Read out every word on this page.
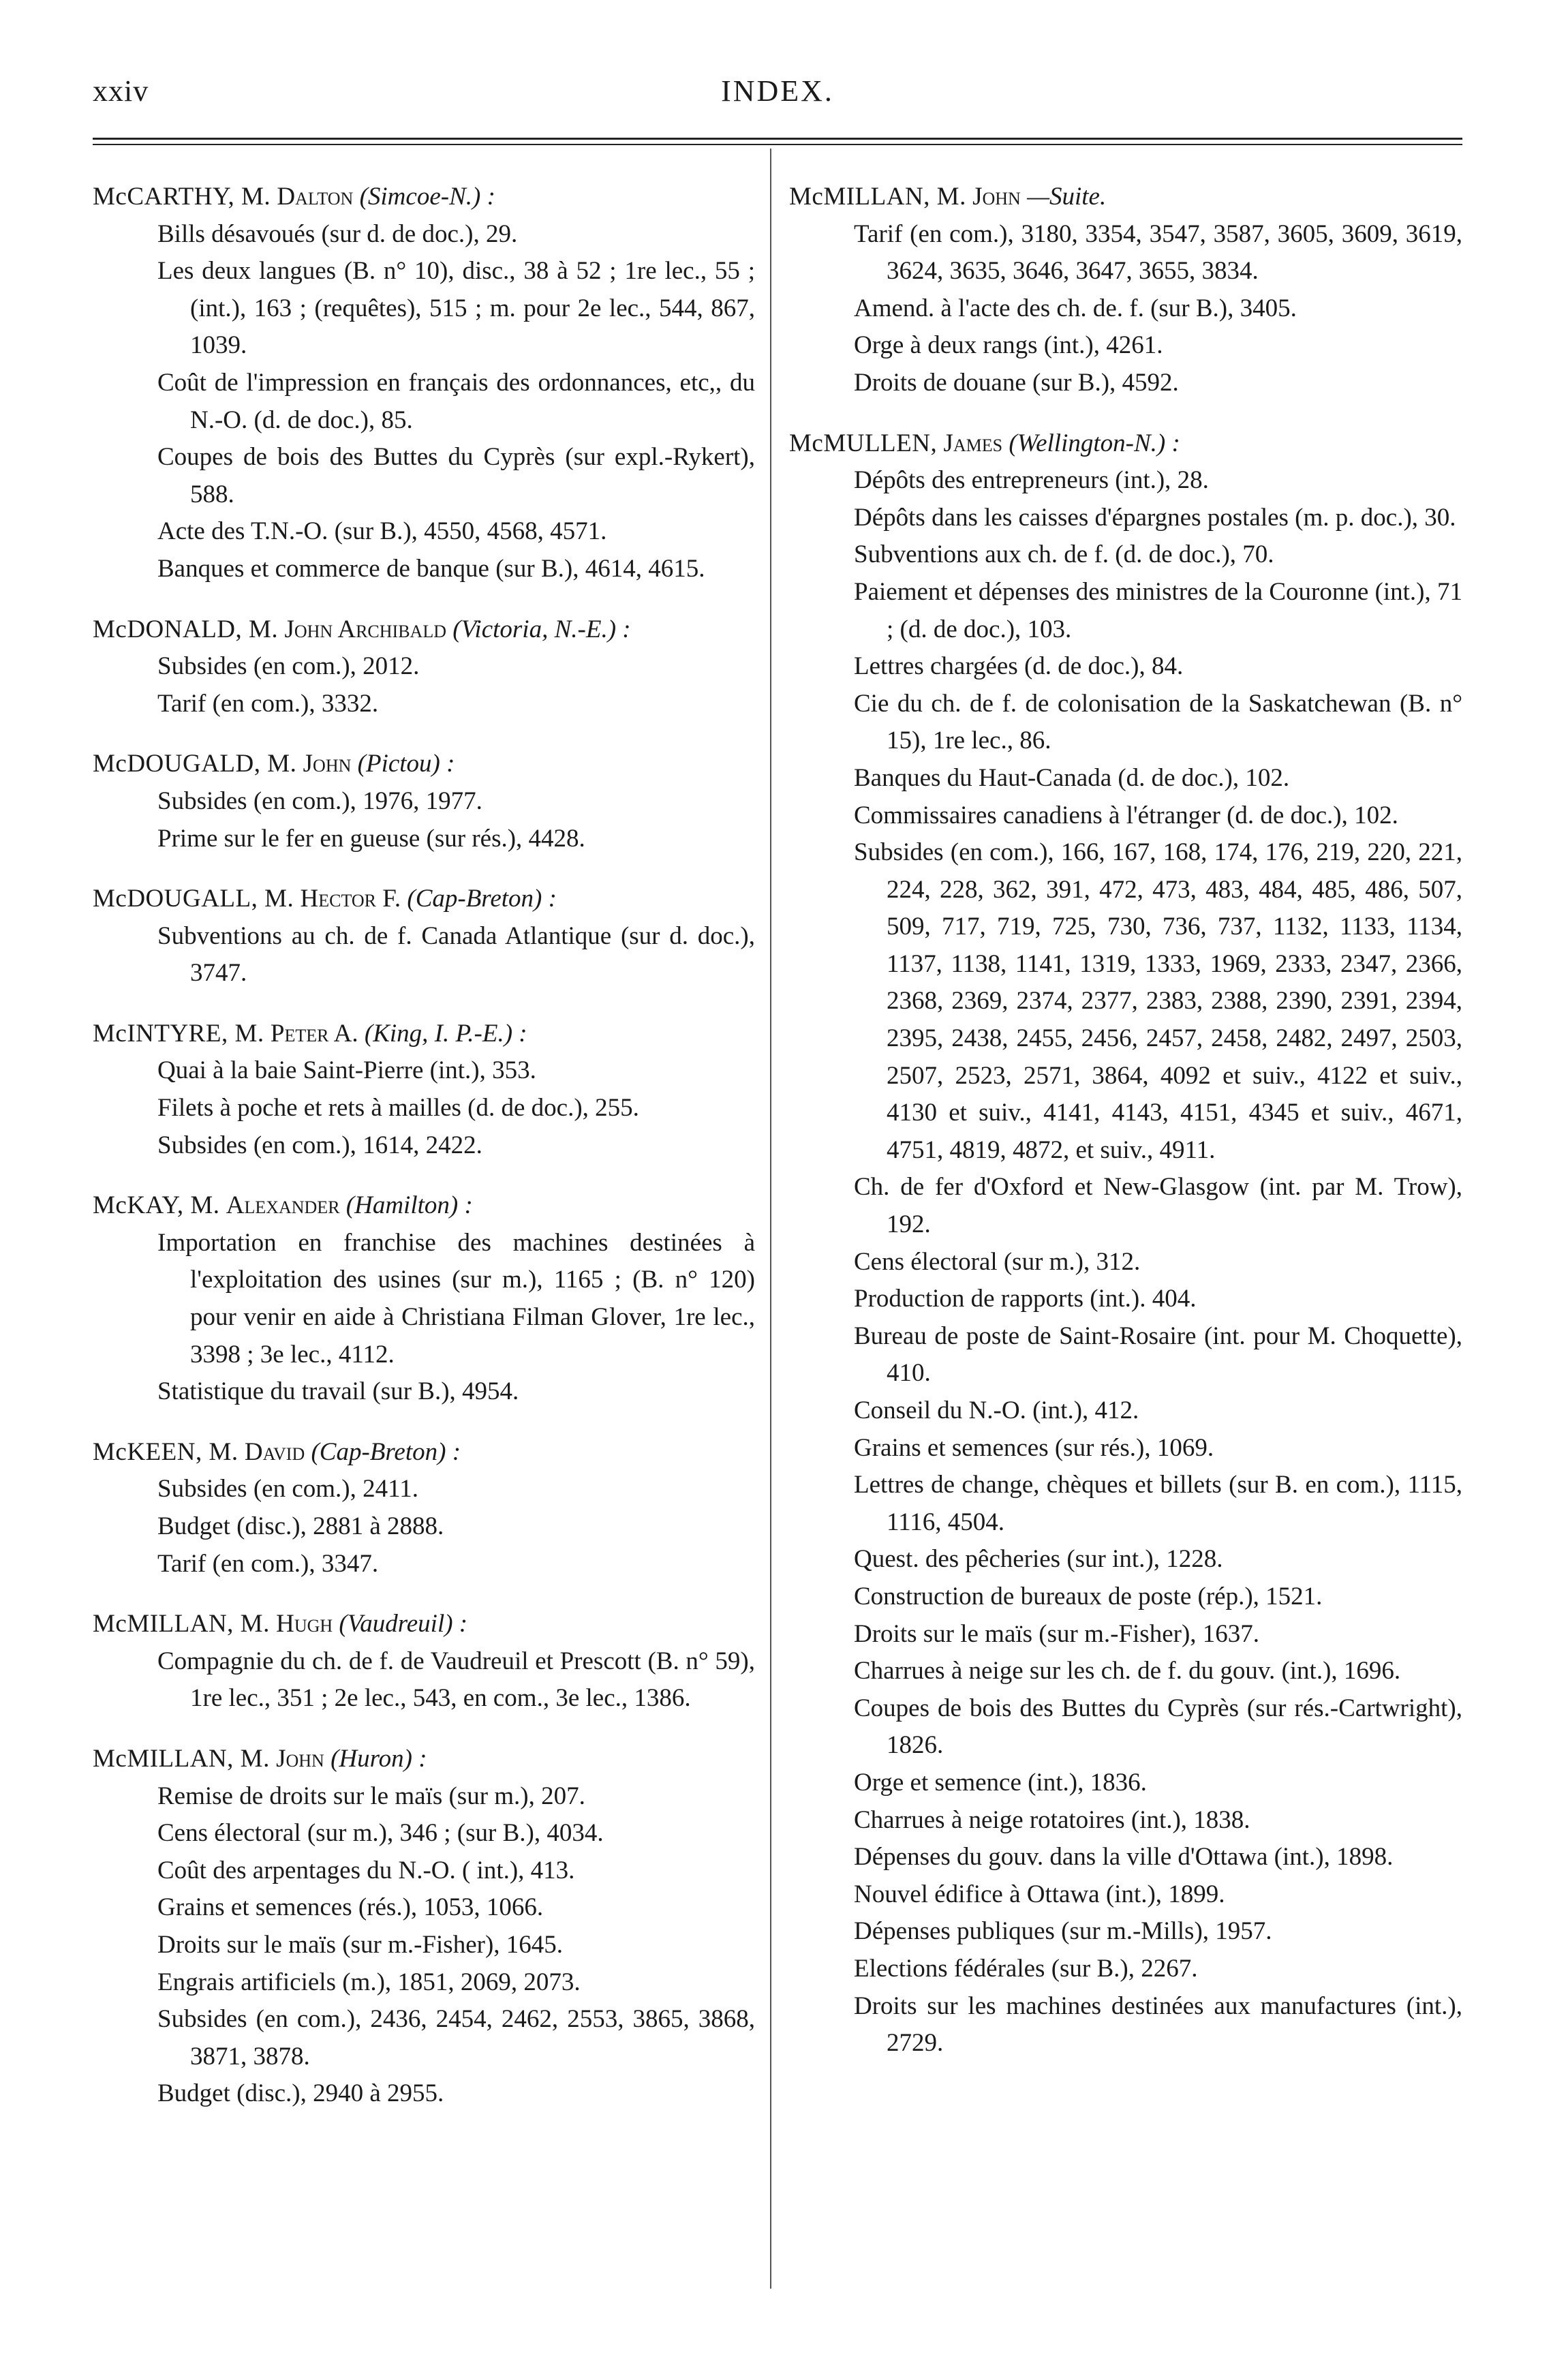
xxiv	INDEX.
McCARTHY, M. Dalton (Simcoe-N.) :
Bills désavoués (sur d. de doc.), 29.
Les deux langues (B. n° 10), disc., 38 à 52 ; 1re lec., 55 ; (int.), 163 ; (requêtes), 515 ; m. pour 2e lec., 544, 867, 1039.
Coût de l'impression en français des ordonnances, etc,, du N.-O. (d. de doc.), 85.
Coupes de bois des Buttes du Cyprès (sur expl.-Rykert), 588.
Acte des T.N.-O. (sur B.), 4550, 4568, 4571.
Banques et commerce de banque (sur B.), 4614, 4615.
McDONALD, M. John Archibald (Victoria, N.-E.) :
Subsides (en com.), 2012.
Tarif (en com.), 3332.
McDOUGALD, M. John (Pictou) :
Subsides (en com.), 1976, 1977.
Prime sur le fer en gueuse (sur rés.), 4428.
McDOUGALL, M. Hector F. (Cap-Breton) :
Subventions au ch. de f. Canada Atlantique (sur d. doc.), 3747.
McINTYRE, M. Peter A. (King, I. P.-E.) :
Quai à la baie Saint-Pierre (int.), 353.
Filets à poche et rets à mailles (d. de doc.), 255.
Subsides (en com.), 1614, 2422.
McKAY, M. Alexander (Hamilton) :
Importation en franchise des machines destinées à l'exploitation des usines (sur m.), 1165 ; (B. n° 120) pour venir en aide à Christiana Filman Glover, 1re lec., 3398 ; 3e lec., 4112.
Statistique du travail (sur B.), 4954.
McKEEN, M. David (Cap-Breton) :
Subsides (en com.), 2411.
Budget (disc.), 2881 à 2888.
Tarif (en com.), 3347.
McMILLAN, M. Hugh (Vaudreuil) :
Compagnie du ch. de f. de Vaudreuil et Prescott (B. n° 59), 1re lec., 351 ; 2e lec., 543, en com., 3e lec., 1386.
McMILLAN, M. John (Huron) :
Remise de droits sur le maïs (sur m.), 207.
Cens électoral (sur m.), 346 ; (sur B.), 4034.
Coût des arpentages du N.-O. ( int.), 413.
Grains et semences (rés.), 1053, 1066.
Droits sur le maïs (sur m.-Fisher), 1645.
Engrais artificiels (m.), 1851, 2069, 2073.
Subsides (en com.), 2436, 2454, 2462, 2553, 3865, 3868, 3871, 3878.
Budget (disc.), 2940 à 2955.
McMILLAN, M. John —Suite.
Tarif (en com.), 3180, 3354, 3547, 3587, 3605, 3609, 3619, 3624, 3635, 3646, 3647, 3655, 3834.
Amend. à l'acte des ch. de. f. (sur B.), 3405.
Orge à deux rangs (int.), 4261.
Droits de douane (sur B.), 4592.
McMULLEN, James (Wellington-N.) :
Dépôts des entrepreneurs (int.), 28.
Dépôts dans les caisses d'épargnes postales (m. p. doc.), 30.
Subventions aux ch. de f. (d. de doc.), 70.
Paiement et dépenses des ministres de la Couronne (int.), 71 ; (d. de doc.), 103.
Lettres chargées (d. de doc.), 84.
Cie du ch. de f. de colonisation de la Saskatchewan (B. n° 15), 1re lec., 86.
Banques du Haut-Canada (d. de doc.), 102.
Commissaires canadiens à l'étranger (d. de doc.), 102.
Subsides (en com.), 166, 167, 168, 174, 176, 219, 220, 221, 224, 228, 362, 391, 472, 473, 483, 484, 485, 486, 507, 509, 717, 719, 725, 730, 736, 737, 1132, 1133, 1134, 1137, 1138, 1141, 1319, 1333, 1969, 2333, 2347, 2366, 2368, 2369, 2374, 2377, 2383, 2388, 2390, 2391, 2394, 2395, 2438, 2455, 2456, 2457, 2458, 2482, 2497, 2503, 2507, 2523, 2571, 3864, 4092 et suiv., 4122 et suiv., 4130 et suiv., 4141, 4143, 4151, 4345 et suiv., 4671, 4751, 4819, 4872, et suiv., 4911.
Ch. de fer d'Oxford et New-Glasgow (int. par M. Trow), 192.
Cens électoral (sur m.), 312.
Production de rapports (int.). 404.
Bureau de poste de Saint-Rosaire (int. pour M. Choquette), 410.
Conseil du N.-O. (int.), 412.
Grains et semences (sur rés.), 1069.
Lettres de change, chèques et billets (sur B. en com.), 1115, 1116, 4504.
Quest. des pêcheries (sur int.), 1228.
Construction de bureaux de poste (rép.), 1521.
Droits sur le maïs (sur m.-Fisher), 1637.
Charrues à neige sur les ch. de f. du gouv. (int.), 1696.
Coupes de bois des Buttes du Cyprès (sur rés.-Cartwright), 1826.
Orge et semence (int.), 1836.
Charrues à neige rotatoires (int.), 1838.
Dépenses du gouv. dans la ville d'Ottawa (int.), 1898.
Nouvel édifice à Ottawa (int.), 1899.
Dépenses publiques (sur m.-Mills), 1957.
Elections fédérales (sur B.), 2267.
Droits sur les machines destinées aux manufactures (int.), 2729.
